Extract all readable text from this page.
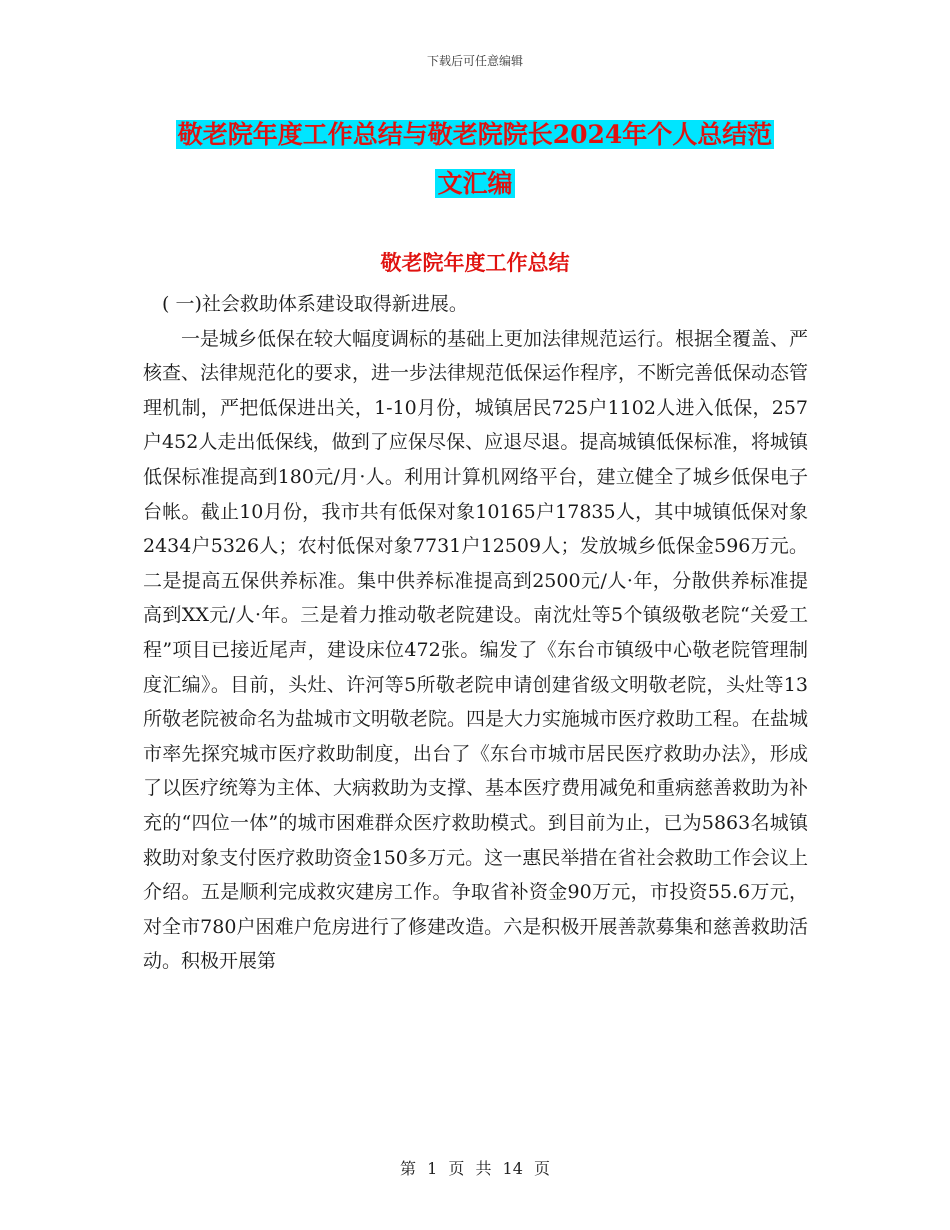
下载后可任意编辑
敬老院年度工作总结与敬老院院长2024年个人总结范
文汇编
敬老院年度工作总结

( 一)社会救助体系建设取得新进展。

一是城乡低保在较大幅度调标的基础上更加法律规范运行。根据全覆盖、严核查、法律规范化的要求，进一步法律规范低保运作程序，不断完善低保动态管理机制，严把低保进出关，1-10月份，城镇居民725户1102人进入低保，257户452人走出低保线，做到了应保尽保、应退尽退。提高城镇低保标准，将城镇低保标准提高到180元/月·人。利用计算机网络平台，建立健全了城乡低保电子台帐。截止10月份，我市共有低保对象10165户17835人，其中城镇低保对象2434户5326人；农村低保对象7731户12509人；发放城乡低保金596万元。二是提高五保供养标准。集中供养标准提高到2500元/人·年，分散供养标准提高到XX元/人·年。三是着力推动敬老院建设。南沈灶等5个镇级敬老院“关爱工程”项目已接近尾声，建设床位472张。编发了《东台市镇级中心敬老院管理制度汇编》。目前，头灶、许河等5所敬老院申请创建省级文明敬老院，头灶等13所敬老院被命名为盐城市文明敬老院。四是大力实施城市医疗救助工程。在盐城市率先探究城市医疗救助制度，出台了《东台市城市居民医疗救助办法》，形成了以医疗统筹为主体、大病救助为支撑、基本医疗费用减免和重病慈善救助为补充的“四位一体”的城市困难群众医疗救助模式。到目前为止，已为5863名城镇救助对象支付医疗救助资金150多万元。这一惠民举措在省社会救助工作会议上介绍。五是顺利完成救灾建房工作。争取省补资金90万元，市投资55.6万元，对全市780户困难户危房进行了修建改造。六是积极开展善款募集和慈善救助活动。积极开展第

第 1 页 共 14 页
